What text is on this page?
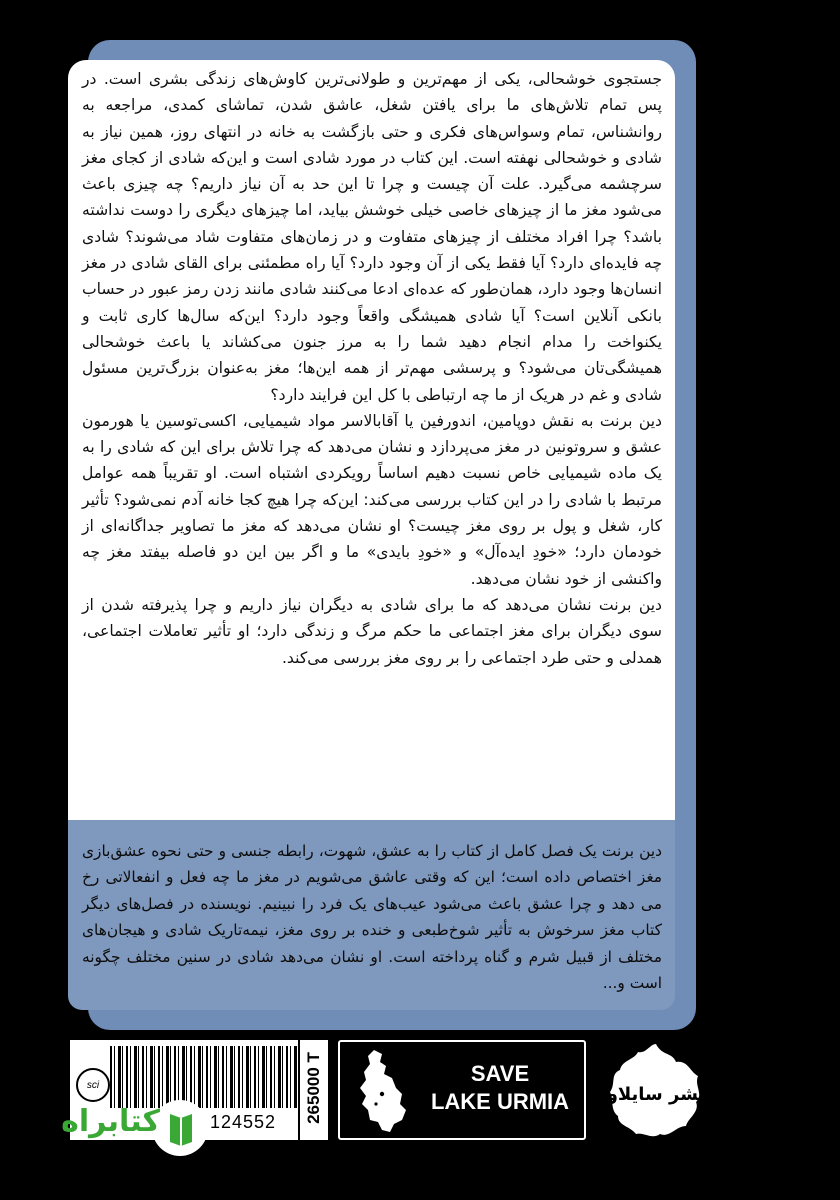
جستجوی خوشحالی، یکی از مهم‌ترین و طولانی‌ترین کاوش‌های زندگی بشری است. در پس تمام تلاش‌های ما برای یافتن شغل، عاشق شدن، تماشای کمدی، مراجعه به روانشناس، تمام وسواس‌های فکری و حتی بازگشت به خانه در انتهای روز، همین نیاز به شادی و خوشحالی نهفته است. این کتاب در مورد شادی است و این‌که شادی از کجای مغز سرچشمه می‌گیرد. علت آن چیست و چرا تا این حد به آن نیاز داریم؟ چه چیزی باعث می‌شود مغز ما از چیزهای خاصی خیلی خوشش بیاید، اما چیزهای دیگری را دوست نداشته باشد؟ چرا افراد مختلف از چیزهای متفاوت و در زمان‌های متفاوت شاد می‌شوند؟ شادی چه فایده‌ای دارد؟ آیا فقط یکی از آن وجود دارد؟ آیا راه مطمئنی برای القای شادی در مغز انسان‌ها وجود دارد، همان‌طور که عده‌ای ادعا می‌کنند شادی مانند زدن رمز عبور در حساب بانکی آنلاین است؟ آیا شادی همیشگی واقعاً وجود دارد؟ این‌که سال‌ها کاری ثابت و یکنواخت را مدام انجام دهید شما را به مرز جنون می‌کشاند یا باعث خوشحالی همیشگی‌تان می‌شود؟ و پرسشی مهم‌تر از همه این‌ها؛ مغز به‌عنوان بزرگ‌ترین مسئول شادی و غم در هریک از ما چه ارتباطی با کل این فرایند دارد؟

دین برنت به نقش دوپامین، اندورفین یا آقابالاسر مواد شیمیایی، اکسی‌توسین یا هورمون عشق و سروتونین در مغز می‌پردازد و نشان می‌دهد که چرا تلاش برای این که شادی را به یک ماده شیمیایی خاص نسبت دهیم اساساً رویکردی اشتباه است. او تقریباً همه عوامل مرتبط با شادی را در این کتاب بررسی می‌کند: این‌که چرا هیچ کجا خانه آدم نمی‌شود؟ تأثیر کار، شغل و پول بر روی مغز چیست؟ او نشان می‌دهد که مغز ما تصاویر جداگانه‌ای از خودمان دارد؛ «خودِ ایده‌آل» و «خودِ بایدی» ما و اگر بین این دو فاصله بیفتد مغز چه واکنشی از خود نشان می‌دهد.

دین برنت نشان می‌دهد که ما برای شادی به دیگران نیاز داریم و چرا پذیرفته شدن از سوی دیگران برای مغز اجتماعی ما حکم مرگ و زندگی دارد؛ او تأثیر تعاملات اجتماعی، همدلی و حتی طرد اجتماعی را بر روی مغز بررسی می‌کند.

دین برنت یک فصل کامل از کتاب را به عشق، شهوت، رابطه جنسی و حتی نحوه عشق‌بازی مغز اختصاص داده است؛ این که وقتی عاشق می‌شویم در مغز ما چه فعل و انفعالاتی رخ می دهد و چرا عشق باعث می‌شود عیب‌های یک فرد را نبینیم. نویسنده در فصل‌های دیگر کتاب مغز سرخوش به تأثیر شوخ‌طبعی و خنده بر روی مغز، نیمه‌تاریک شادی و هیجان‌های مختلف از قبیل شرم و گناه پرداخته است. او نشان می‌دهد شادی در سنین مختلف چگونه است و...
sci
124552 265000 T	SAVE
LAKE URMIA	نشر سایلاو
کتابراه
